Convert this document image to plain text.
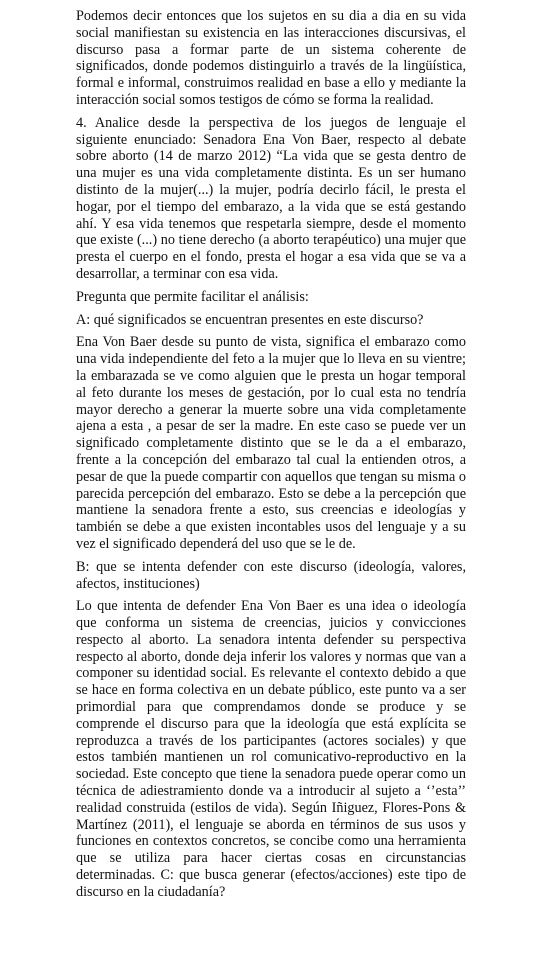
Podemos decir entonces que los sujetos en su dia a dia en su vida social manifiestan su existencia en las interacciones discursivas, el discurso pasa a formar parte de un sistema coherente de significados, donde podemos distinguirlo a través de la lingüística, formal e informal, construimos realidad en base a ello y mediante la interacción social somos testigos de cómo se forma la realidad.

4. Analice desde la perspectiva de los juegos de lenguaje el siguiente enunciado: Senadora Ena Von Baer, respecto al debate sobre aborto (14 de marzo 2012) “La vida que se gesta dentro de una mujer es una vida completamente distinta. Es un ser humano distinto de la mujer(...) la mujer, podría decirlo fácil, le presta el hogar, por el tiempo del embarazo, a la vida que se está gestando ahí. Y esa vida tenemos que respetarla siempre, desde el momento que existe (...) no tiene derecho (a aborto terapéutico) una mujer que presta el cuerpo en el fondo, presta el hogar a esa vida que se va a desarrollar, a terminar con esa vida.

Pregunta que permite facilitar el análisis:

A: qué significados se encuentran presentes en este discurso?

Ena Von Baer desde su punto de vista, significa el embarazo como una vida independiente del feto a la mujer que lo lleva en su vientre; la embarazada se ve como alguien que le presta un hogar temporal al feto durante los meses de gestación, por lo cual esta no tendría mayor derecho a generar la muerte sobre una vida completamente ajena a esta , a pesar de ser la madre. En este caso se puede ver un significado completamente distinto que se le da a el embarazo, frente a la concepción del embarazo tal cual la entienden otros, a pesar de que la puede compartir con aquellos que tengan su misma o parecida percepción del embarazo. Esto se debe a la percepción que mantiene la senadora frente a esto, sus creencias e ideologías y también se debe a que existen incontables usos del lenguaje y a su vez el significado dependerá del uso que se le de.

B: que se intenta defender con este discurso (ideología, valores, afectos, instituciones)

Lo que intenta de defender Ena Von Baer es una idea o ideología que conforma un sistema de creencias, juicios y convicciones respecto al aborto. La senadora intenta defender su perspectiva respecto al aborto, donde deja inferir los valores y normas que van a componer su identidad social. Es relevante el contexto debido a que se hace en forma colectiva en un debate público, este punto va a ser primordial para que comprendamos donde se produce y se comprende el discurso para que la ideología que está explícita se reproduzca a través de los participantes (actores sociales) y que estos también mantienen un rol comunicativo-reproductivo en la sociedad. Este concepto que tiene la senadora puede operar como un técnica de adiestramiento donde va a introducir al sujeto a ‘’esta’’ realidad construida (estilos de vida). Según Iñiguez, Flores-Pons & Martínez (2011), el lenguaje se aborda en términos de sus usos y funciones en contextos concretos, se concibe como una herramienta que se utiliza para hacer ciertas cosas en circunstancias determinadas. C: que busca generar (efectos/acciones) este tipo de discurso en la ciudadanía?
